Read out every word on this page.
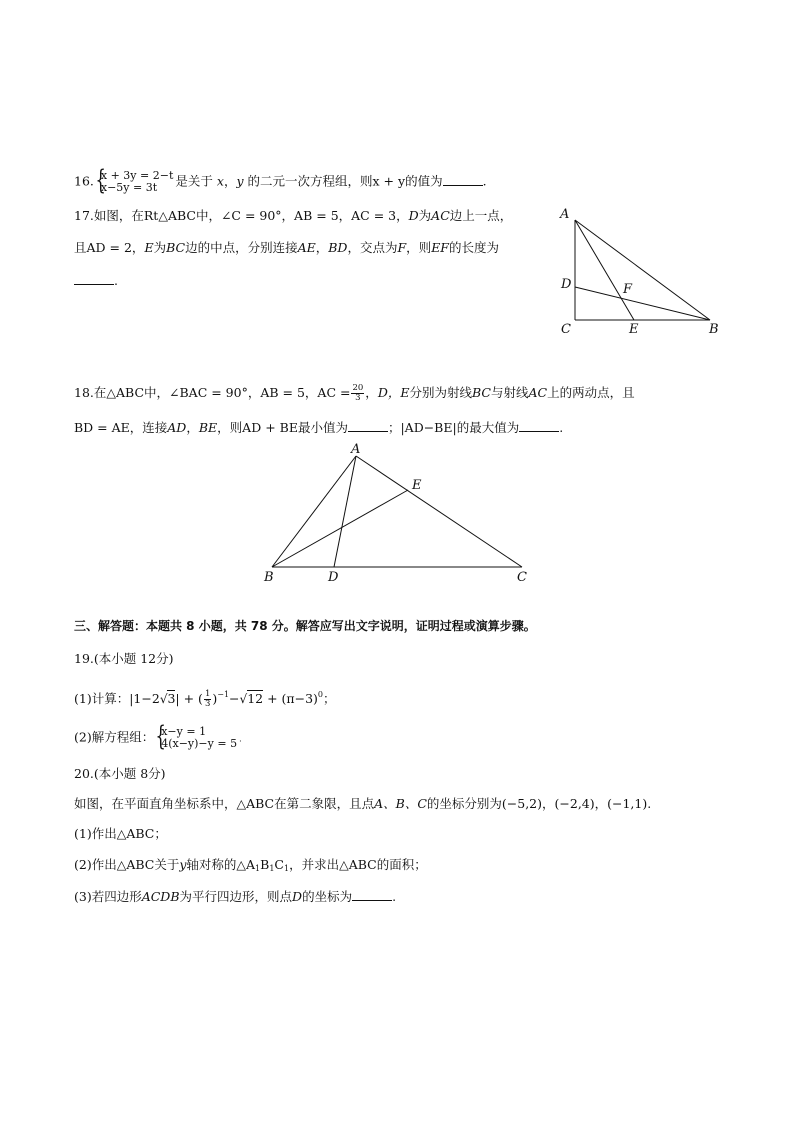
16. { x + 3y = 2−t
x−5y = 3t	是关于 x，y 的二元一次方程组，则x + y的值为	.
17.如图，在Rt△ABC中，∠C = 90°，AB = 5，AC = 3，D为AC边上一点，
且AD = 2，E为BC边的中点，分别连接AE，BD，交点为F，则EF的长度为
.
A
D	F
C	E	B
18.在△ABC中，∠BAC = 90°，AB = 5，AC = $\frac{20}{3}$ ，D，E分别为射线BC与射线AC上的两动点，且
BD = AE，连接AD，BE，则AD + BE最小值为	；|AD−BE|的最大值为	.
A
E
B	D	C
三、解答题：本题共 8 小题，共 78 分。解答应写出文字说明，证明过程或演算步骤。
19.(本小题 12分)
(1)计算：|1−2√3| + ( $\frac{1}{3} )^{-1}-√12 + (\pi-3)^0$；
(2)解方程组： { x−y = 1
4(x−y)−y = 5 .
20.(本小题 8分)
如图，在平面直角坐标系中，△ABC在第二象限，且点A、B、C的坐标分别为(−5,2)，(−2,4)，(−1,1).
(1)作出△ABC；
(2)作出△ABC关于y轴对称的$\triangle A_1B_1C_1$，并求出△ABC的面积；
(3)若四边形ACDB为平行四边形，则点D的坐标为	.
